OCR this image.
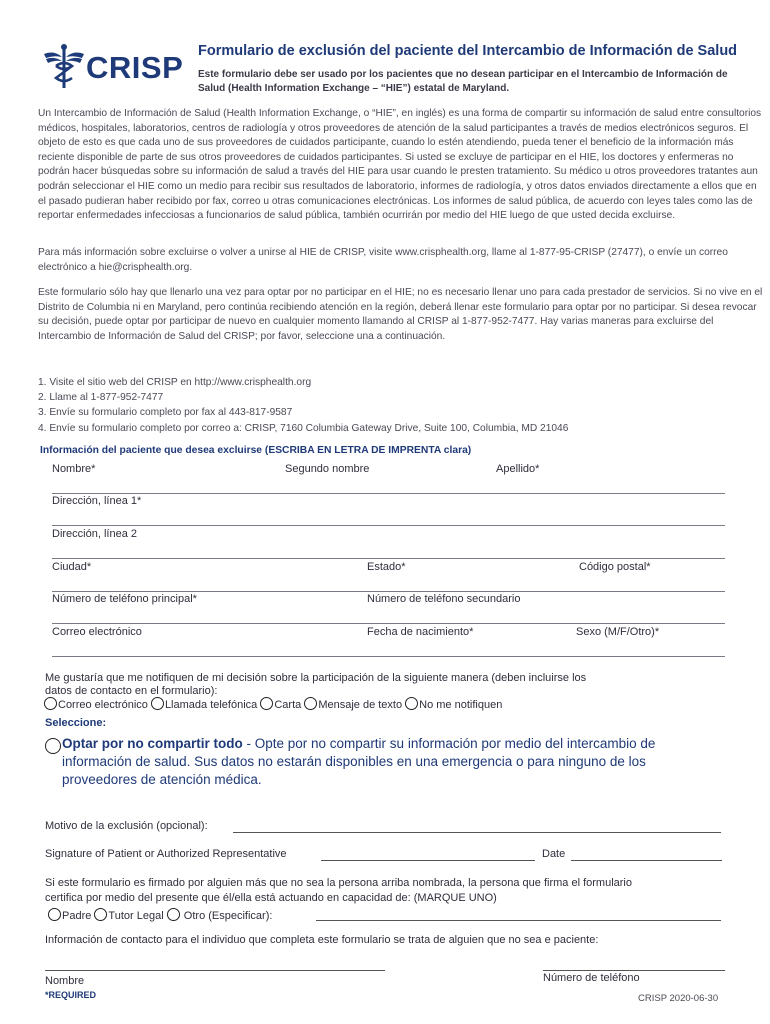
CRISP Formulario de exclusión del paciente del Intercambio de Información de Salud
Este formulario debe ser usado por los pacientes que no desean participar en el Intercambio de Información de Salud (Health Information Exchange – “HIE”) estatal de Maryland.
Un Intercambio de Información de Salud (Health Information Exchange, o “HIE”, en inglés) es una forma de compartir su información de salud entre consultorios médicos, hospitales, laboratorios, centros de radiología y otros proveedores de atención de la salud participantes a través de medios electrónicos seguros. El objeto de esto es que cada uno de sus proveedores de cuidados participante, cuando lo estén atendiendo, pueda tener el beneficio de la información más reciente disponible de parte de sus otros proveedores de cuidados participantes. Si usted se excluye de participar en el HIE, los doctores y enfermeras no podrán hacer búsquedas sobre su información de salud a través del HIE para usar cuando le presten tratamiento. Su médico u otros proveedores tratantes aun podrán seleccionar el HIE como un medio para recibir sus resultados de laboratorio, informes de radiología, y otros datos enviados directamente a ellos que en el pasado pudieran haber recibido por fax, correo u otras comunicaciones electrónicas. Los informes de salud pública, de acuerdo con leyes tales como las de reportar enfermedades infecciosas a funcionarios de salud pública, también ocurrirán por medio del HIE luego de que usted decida excluirse.
Para más información sobre excluirse o volver a unirse al HIE de CRISP, visite www.crisphealth.org, llame al 1-877-95-CRISP (27477), o envíe un correo electrónico a hie@crisphealth.org.
Este formulario sólo hay que llenarlo una vez para optar por no participar en el HIE; no es necesario llenar uno para cada prestador de servicios. Si no vive en el Distrito de Columbia ni en Maryland, pero continúa recibiendo atención en la región, deberá llenar este formulario para optar por no participar. Si desea revocar su decisión, puede optar por participar de nuevo en cualquier momento llamando al CRISP al 1-877-952-7477. Hay varias maneras para excluirse del Intercambio de Información de Salud del CRISP; por favor, seleccione una a continuación.
1. Visite el sitio web del CRISP en http://www.crisphealth.org
2. Llame al 1-877-952-7477
3. Envíe su formulario completo por fax al 443-817-9587
4. Envíe su formulario completo por correo a: CRISP, 7160 Columbia Gateway Drive, Suite 100, Columbia, MD 21046
Información del paciente que desea excluirse (ESCRIBA EN LETRA DE IMPRENTA clara)
Nombre*	Segundo nombre	Apellido*
Dirección, línea 1*
Dirección, línea 2
Ciudad*	Estado*	Código postal*
Número de teléfono principal*	Número de teléfono secundario
Correo electrónico	Fecha de nacimiento*	Sexo (M/F/Otro)*
Me gustaría que me notifiquen de mi decisión sobre la participación de la siguiente manera (deben incluirse los
datos de contacto en el formulario):
Correo electrónico Llamada telefónica Carta Mensaje de texto No me notifiquen
Seleccione:
Optar por no compartir todo - Opte por no compartir su información por medio del intercambio de
información de salud. Sus datos no estarán disponibles en una emergencia o para ninguno de los
proveedores de atención médica.
Motivo de la exclusión (opcional):
Signature of Patient or Authorized Representative	Date
Si este formulario es firmado por alguien más que no sea la persona arriba nombrada, la persona que firma el formulario
certifica por medio del presente que él/ella está actuando en capacidad de: (MARQUE UNO)
Padre Tutor Legal Otro (Especificar):
Información de contacto para el individuo que completa este formulario se trata de alguien que no sea e paciente:
Nombre	Número de teléfono
*REQUIRED	CRISP 2020-06-30
